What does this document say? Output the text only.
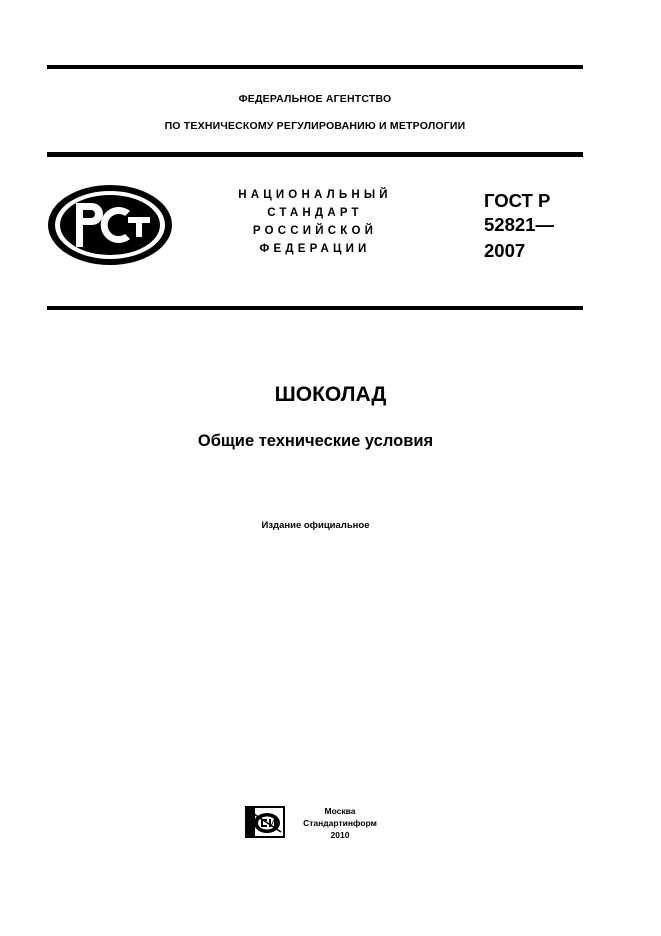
ФЕДЕРАЛЬНОЕ АГЕНТСТВО
ПО ТЕХНИЧЕСКОМУ РЕГУЛИРОВАНИЮ И МЕТРОЛОГИИ
НАЦИОНАЛЬНЫЙ
СТАНДАРТ
РОССИЙСКОЙ
ФЕДЕРАЦИИ
ГОСТ Р
52821—
2007
ШОКОЛАД
Общие технические условия
Издание официальное
Москва
Стандартинформ
2010
